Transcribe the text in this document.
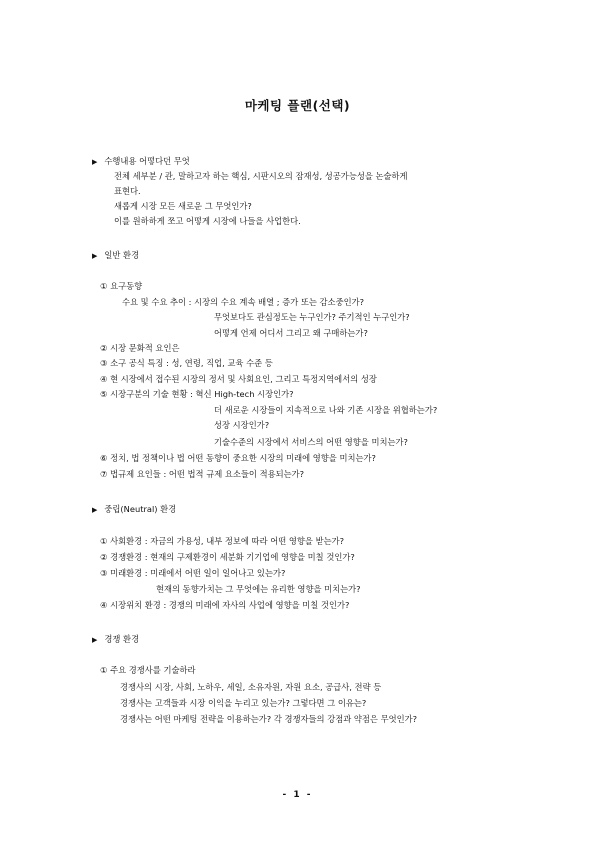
마케팅 플랜(선택)
▶ 수행내용 어떻다던 무엇
전체 세부분 / 관, 말하고자 하는 핵심, 시판시오의 잠재성, 성공가능성을 논술하게
표현다.
새롭게 시장 모든 새로운 그 무엇인가?
이를 원하하게 쪼고 어떻게 시장에 나들을 사업한다.
▶ 일반 환경
① 요구동향
수요 및 수요 추이 : 시장의 수요 계속 배열 ; 증가 또는 감소중인가?
무엇보다도 관심정도는 누구인가? 주기적인 누구인가?
어떻게 언제 어디서 그리고 왜 구매하는가?
② 시장 문화적 요인은
③ 소구 공식 특징 : 성, 연령, 직업, 교육 수준 등
④ 현 시장에서 접수된 시장의 정서 및 사회요인, 그리고 특정지역에서의 성장
⑤ 시장구분의 기술 현황 : 혁신 High-tech 시장인가?
더 새로운 시장들이 지속적으로 나와 기존 시장을 위협하는가?
성장 시장인가?
기술수준의 시장에서 서비스의 어떤 영향을 미치는가?
⑥ 정치, 법 정책이나 법 어떤 동향이 중요한 시장의 미래에 영향을 미치는가?
⑦ 법규제 요인들 : 어떤 법적 규제 요소들이 적용되는가?
▶ 중립(Neutral) 환경
① 사회환경 : 자금의 가용성, 내부 정보에 따라 어떤 영향을 받는가?
② 경쟁환경 : 현재의 구제환경이 세분화 기기업에 영향을 미칠 것인가?
③ 미래환경 : 미래에서 어떤 일이 일어나고 있는가?
현재의 동향가치는 그 무엇에는 유리한 영향을 미치는가?
④ 시장위치 환경 : 경쟁의 미래에 자사의 사업에 영향을 미칠 것인가?
▶ 경쟁 환경
① 주요 경쟁사를 기술하라
경쟁사의 시장, 사회, 노하우, 세일, 소유자원, 자원 요소, 공급사, 전략 등
경쟁사는 고객들과 시장 이익을 누리고 있는가? 그렇다면 그 이유는?
경쟁사는 어떤 마케팅 전략을 이용하는가? 각 경쟁자들의 강점과 약점은 무엇인가?
- 1 -
